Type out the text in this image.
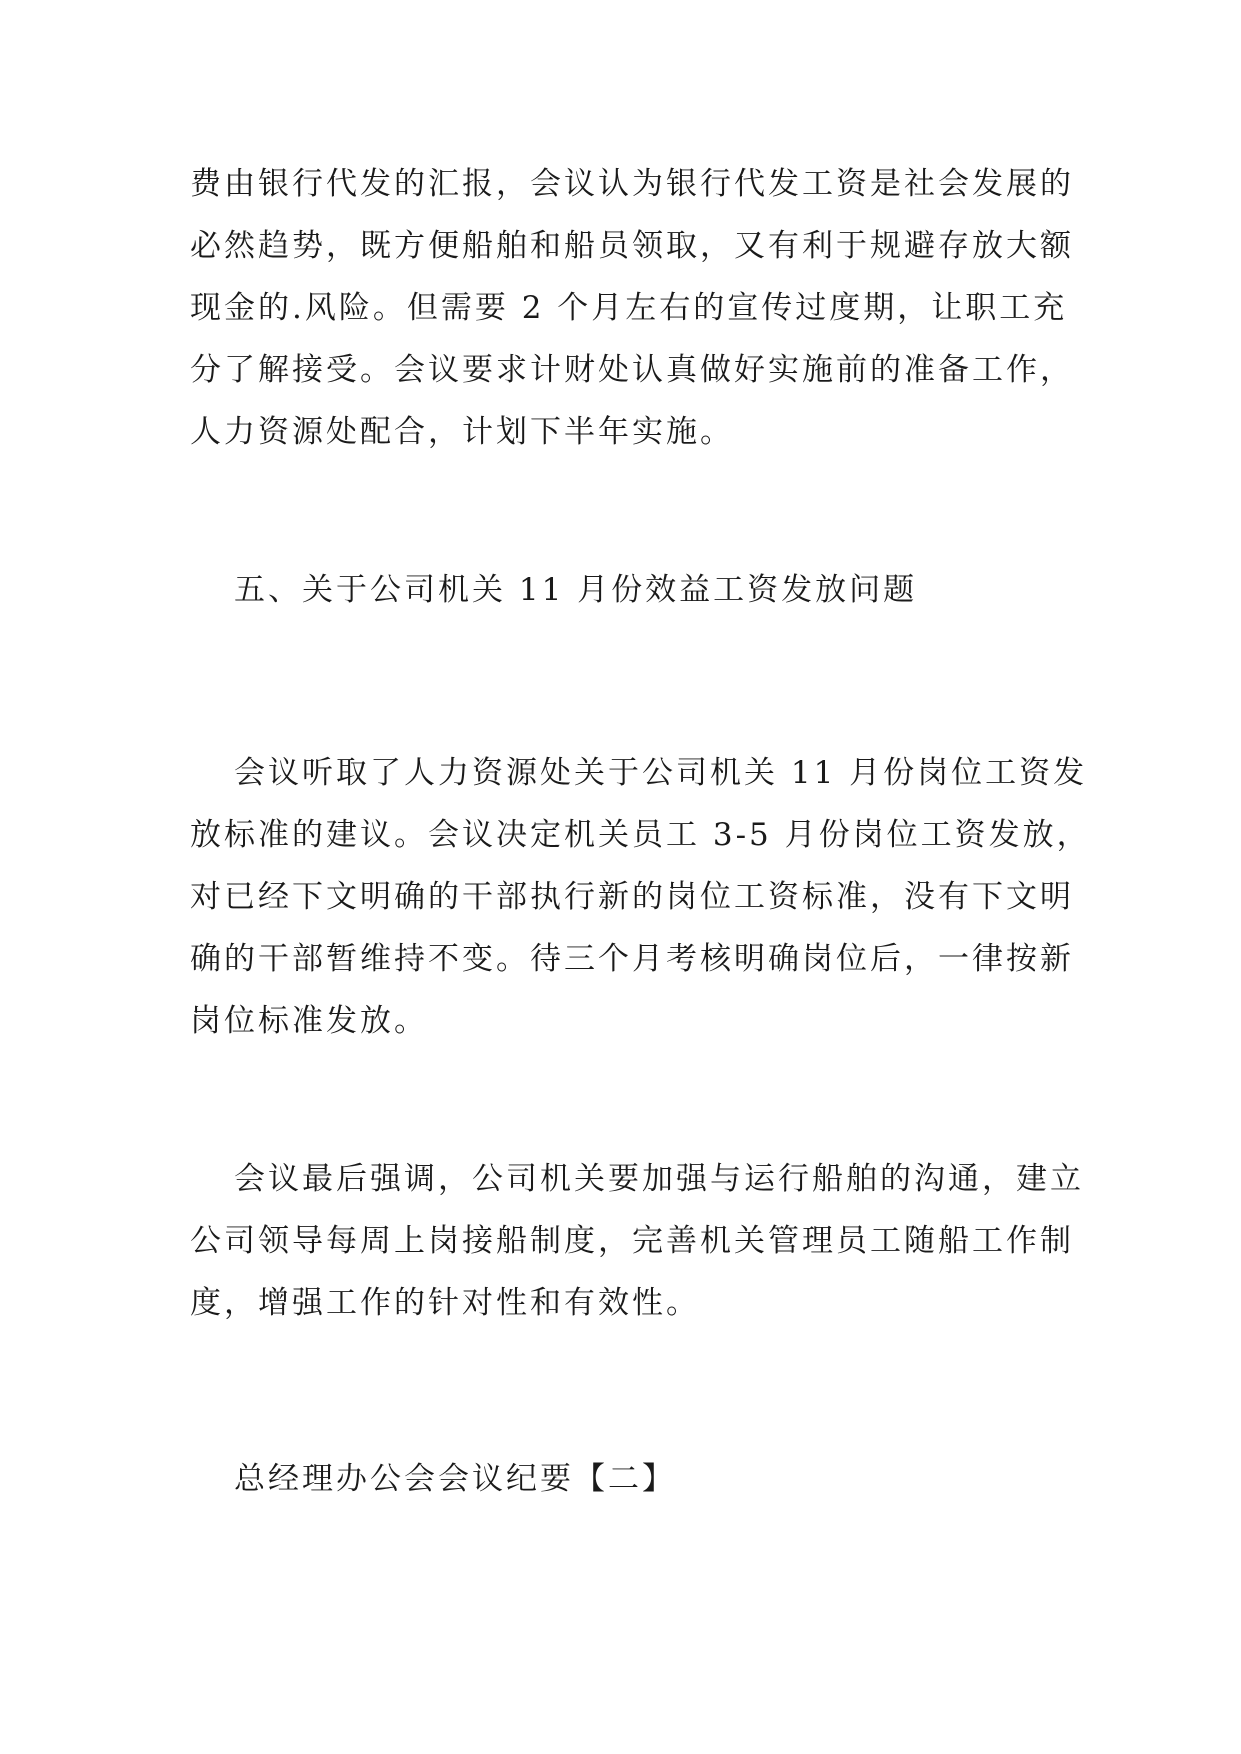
费由银行代发的汇报，会议认为银行代发工资是社会发展的
必然趋势，既方便船舶和船员领取，又有利于规避存放大额
现金的.风险。但需要 2 个月左右的宣传过度期，让职工充
分了解接受。会议要求计财处认真做好实施前的准备工作，
人力资源处配合，计划下半年实施。
五、关于公司机关 11 月份效益工资发放问题
会议听取了人力资源处关于公司机关 11 月份岗位工资发
放标准的建议。会议决定机关员工 3-5 月份岗位工资发放，
对已经下文明确的干部执行新的岗位工资标准，没有下文明
确的干部暂维持不变。待三个月考核明确岗位后，一律按新
岗位标准发放。
会议最后强调，公司机关要加强与运行船舶的沟通，建立
公司领导每周上岗接船制度，完善机关管理员工随船工作制
度，增强工作的针对性和有效性。
总经理办公会会议纪要【二】
